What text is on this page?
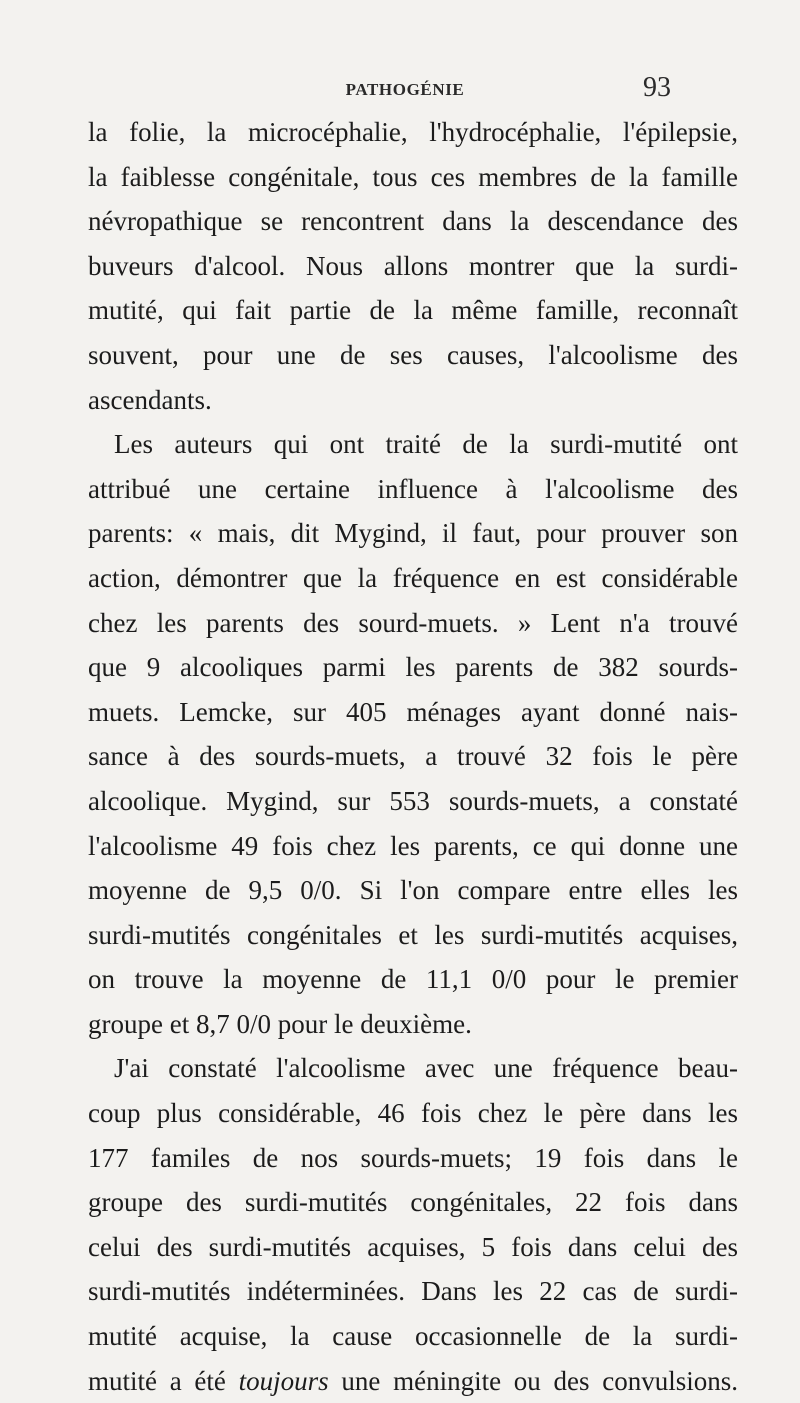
PATHOGÉNIE	93
la folie, la microcéphalie, l'hydrocéphalie, l'épilepsie,
la faiblesse congénitale, tous ces membres de la famille
névropathique se rencontrent dans la descendance des
buveurs d'alcool. Nous allons montrer que la surdi-
mutité, qui fait partie de la même famille, reconnaît
souvent, pour une de ses causes, l'alcoolisme des
ascendants.
Les auteurs qui ont traité de la surdi-mutité ont
attribué une certaine influence à l'alcoolisme des
parents: « mais, dit Mygind, il faut, pour prouver son
action, démontrer que la fréquence en est considérable
chez les parents des sourd-muets. » Lent n'a trouvé
que 9 alcooliques parmi les parents de 382 sourds-
muets. Lemcke, sur 405 ménages ayant donné nais-
sance à des sourds-muets, a trouvé 32 fois le père
alcoolique. Mygind, sur 553 sourds-muets, a constaté
l'alcoolisme 49 fois chez les parents, ce qui donne une
moyenne de 9,5 0/0. Si l'on compare entre elles les
surdi-mutités congénitales et les surdi-mutités acquises,
on trouve la moyenne de 11,1 0/0 pour le premier
groupe et 8,7 0/0 pour le deuxième.
J'ai constaté l'alcoolisme avec une fréquence beau-
coup plus considérable, 46 fois chez le père dans les
177 familes de nos sourds-muets; 19 fois dans le
groupe des surdi-mutités congénitales, 22 fois dans
celui des surdi-mutités acquises, 5 fois dans celui des
surdi-mutités indéterminées. Dans les 22 cas de surdi-
mutité acquise, la cause occasionnelle de la surdi-
mutité a été toujours une méningite ou des convulsions.
